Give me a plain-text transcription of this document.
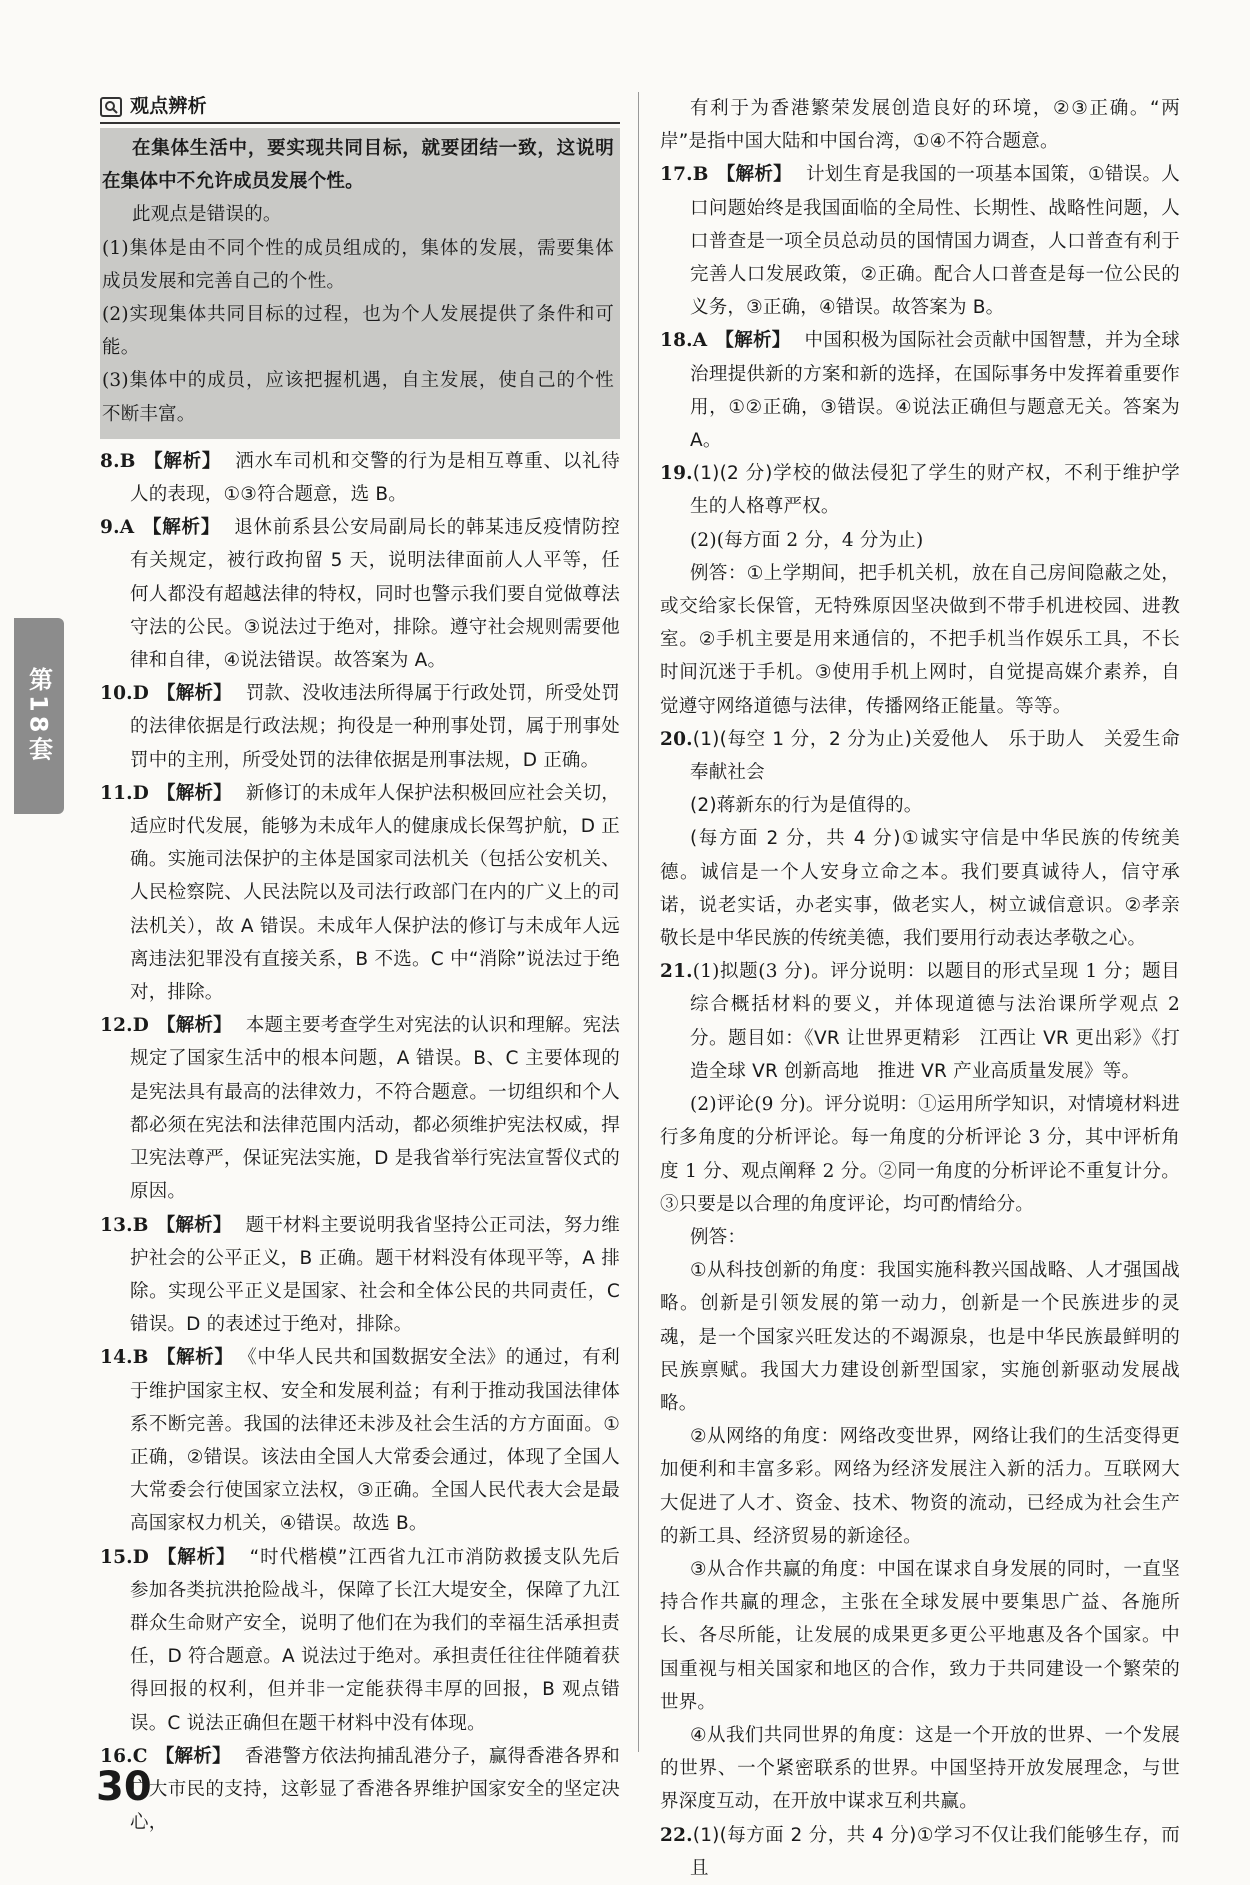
观点辨析

在集体生活中，要实现共同目标，就要团结一致，这说明在集体中不允许成员发展个性。

此观点是错误的。

(1)集体是由不同个性的成员组成的，集体的发展，需要集体成员发展和完善自己的个性。

(2)实现集体共同目标的过程，也为个人发展提供了条件和可能。

(3)集体中的成员，应该把握机遇，自主发展，使自己的个性不断丰富。

8.B 【解析】 洒水车司机和交警的行为是相互尊重、以礼待人的表现，①③符合题意，选 B。

9.A 【解析】 退休前系县公安局副局长的韩某违反疫情防控有关规定，被行政拘留 5 天，说明法律面前人人平等，任何人都没有超越法律的特权，同时也警示我们要自觉做尊法守法的公民。③说法过于绝对，排除。遵守社会规则需要他律和自律，④说法错误。故答案为 A。

10.D 【解析】 罚款、没收违法所得属于行政处罚，所受处罚的法律依据是行政法规；拘役是一种刑事处罚，属于刑事处罚中的主刑，所受处罚的法律依据是刑事法规，D 正确。

11.D 【解析】 新修订的未成年人保护法积极回应社会关切，适应时代发展，能够为未成年人的健康成长保驾护航，D 正确。实施司法保护的主体是国家司法机关（包括公安机关、人民检察院、人民法院以及司法行政部门在内的广义上的司法机关），故 A 错误。未成年人保护法的修订与未成年人远离违法犯罪没有直接关系，B 不选。C 中“消除”说法过于绝对，排除。

12.D 【解析】 本题主要考查学生对宪法的认识和理解。宪法规定了国家生活中的根本问题，A 错误。B、C 主要体现的是宪法具有最高的法律效力，不符合题意。一切组织和个人都必须在宪法和法律范围内活动，都必须维护宪法权威，捍卫宪法尊严，保证宪法实施，D 是我省举行宪法宣誓仪式的原因。

13.B 【解析】 题干材料主要说明我省坚持公正司法，努力维护社会的公平正义，B 正确。题干材料没有体现平等，A 排除。实现公平正义是国家、社会和全体公民的共同责任，C 错误。D 的表述过于绝对，排除。

14.B 【解析】 《中华人民共和国数据安全法》的通过，有利于维护国家主权、安全和发展利益；有利于推动我国法律体系不断完善。我国的法律还未涉及社会生活的方方面面。①正确，②错误。该法由全国人大常委会通过，体现了全国人大常委会行使国家立法权，③正确。全国人民代表大会是最高国家权力机关，④错误。故选 B。

15.D 【解析】 “时代楷模”江西省九江市消防救援支队先后参加各类抗洪抢险战斗，保障了长江大堤安全，保障了九江群众生命财产安全，说明了他们在为我们的幸福生活承担责任，D 符合题意。A 说法过于绝对。承担责任往往伴随着获得回报的权利，但并非一定能获得丰厚的回报，B 观点错误。C 说法正确但在题干材料中没有体现。

16.C 【解析】 香港警方依法拘捕乱港分子，赢得香港各界和广大市民的支持，这彰显了香港各界维护国家安全的坚定决心，

有利于为香港繁荣发展创造良好的环境，②③正确。“两岸”是指中国大陆和中国台湾，①④不符合题意。

17.B 【解析】 计划生育是我国的一项基本国策，①错误。人口问题始终是我国面临的全局性、长期性、战略性问题，人口普查是一项全员总动员的国情国力调查，人口普查有利于完善人口发展政策，②正确。配合人口普查是每一位公民的义务，③正确，④错误。故答案为 B。

18.A 【解析】 中国积极为国际社会贡献中国智慧，并为全球治理提供新的方案和新的选择，在国际事务中发挥着重要作用，①②正确，③错误。④说法正确但与题意无关。答案为 A。

19.(1)(2 分)学校的做法侵犯了学生的财产权，不利于维护学生的人格尊严权。

(2)(每方面 2 分，4 分为止)

例答：①上学期间，把手机关机，放在自己房间隐蔽之处，或交给家长保管，无特殊原因坚决做到不带手机进校园、进教室。②手机主要是用来通信的，不把手机当作娱乐工具，不长时间沉迷于手机。③使用手机上网时，自觉提高媒介素养，自觉遵守网络道德与法律，传播网络正能量。等等。

20.(1)(每空 1 分，2 分为止)关爱他人　乐于助人　关爱生命　奉献社会

(2)蒋新东的行为是值得的。

(每方面 2 分，共 4 分)①诚实守信是中华民族的传统美德。诚信是一个人安身立命之本。我们要真诚待人，信守承诺，说老实话，办老实事，做老实人，树立诚信意识。②孝亲敬长是中华民族的传统美德，我们要用行动表达孝敬之心。

21.(1)拟题(3 分)。评分说明：以题目的形式呈现 1 分；题目综合概括材料的要义，并体现道德与法治课所学观点 2 分。题目如：《VR 让世界更精彩　江西让 VR 更出彩》《打造全球 VR 创新高地　推进 VR 产业高质量发展》等。

(2)评论(9 分)。评分说明：①运用所学知识，对情境材料进行多角度的分析评论。每一角度的分析评论 3 分，其中评析角度 1 分、观点阐释 2 分。②同一角度的分析评论不重复计分。③只要是以合理的角度评论，均可酌情给分。

例答：

①从科技创新的角度：我国实施科教兴国战略、人才强国战略。创新是引领发展的第一动力，创新是一个民族进步的灵魂，是一个国家兴旺发达的不竭源泉，也是中华民族最鲜明的民族禀赋。我国大力建设创新型国家，实施创新驱动发展战略。

②从网络的角度：网络改变世界，网络让我们的生活变得更加便利和丰富多彩。网络为经济发展注入新的活力。互联网大大促进了人才、资金、技术、物资的流动，已经成为社会生产的新工具、经济贸易的新途径。

③从合作共赢的角度：中国在谋求自身发展的同时，一直坚持合作共赢的理念，主张在全球发展中要集思广益、各施所长、各尽所能，让发展的成果更多更公平地惠及各个国家。中国重视与相关国家和地区的合作，致力于共同建设一个繁荣的世界。

④从我们共同世界的角度：这是一个开放的世界、一个发展的世界、一个紧密联系的世界。中国坚持开放发展理念，与世界深度互动，在开放中谋求互利共赢。

22.(1)(每方面 2 分，共 4 分)①学习不仅让我们能够生存，而且

第18套
30
